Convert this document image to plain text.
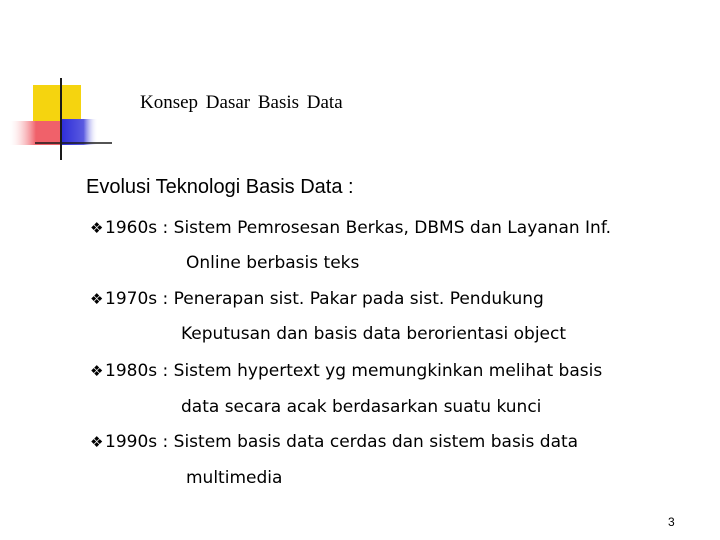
Konsep Dasar Basis Data
Evolusi Teknologi Basis Data :
❖1960s : Sistem Pemrosesan Berkas, DBMS dan Layanan Inf.
Online berbasis teks
❖1970s : Penerapan sist. Pakar pada sist. Pendukung
Keputusan dan basis data berorientasi object
❖1980s : Sistem hypertext yg memungkinkan melihat basis
data secara acak berdasarkan suatu kunci
❖1990s : Sistem basis data cerdas dan sistem basis data
multimedia
3
